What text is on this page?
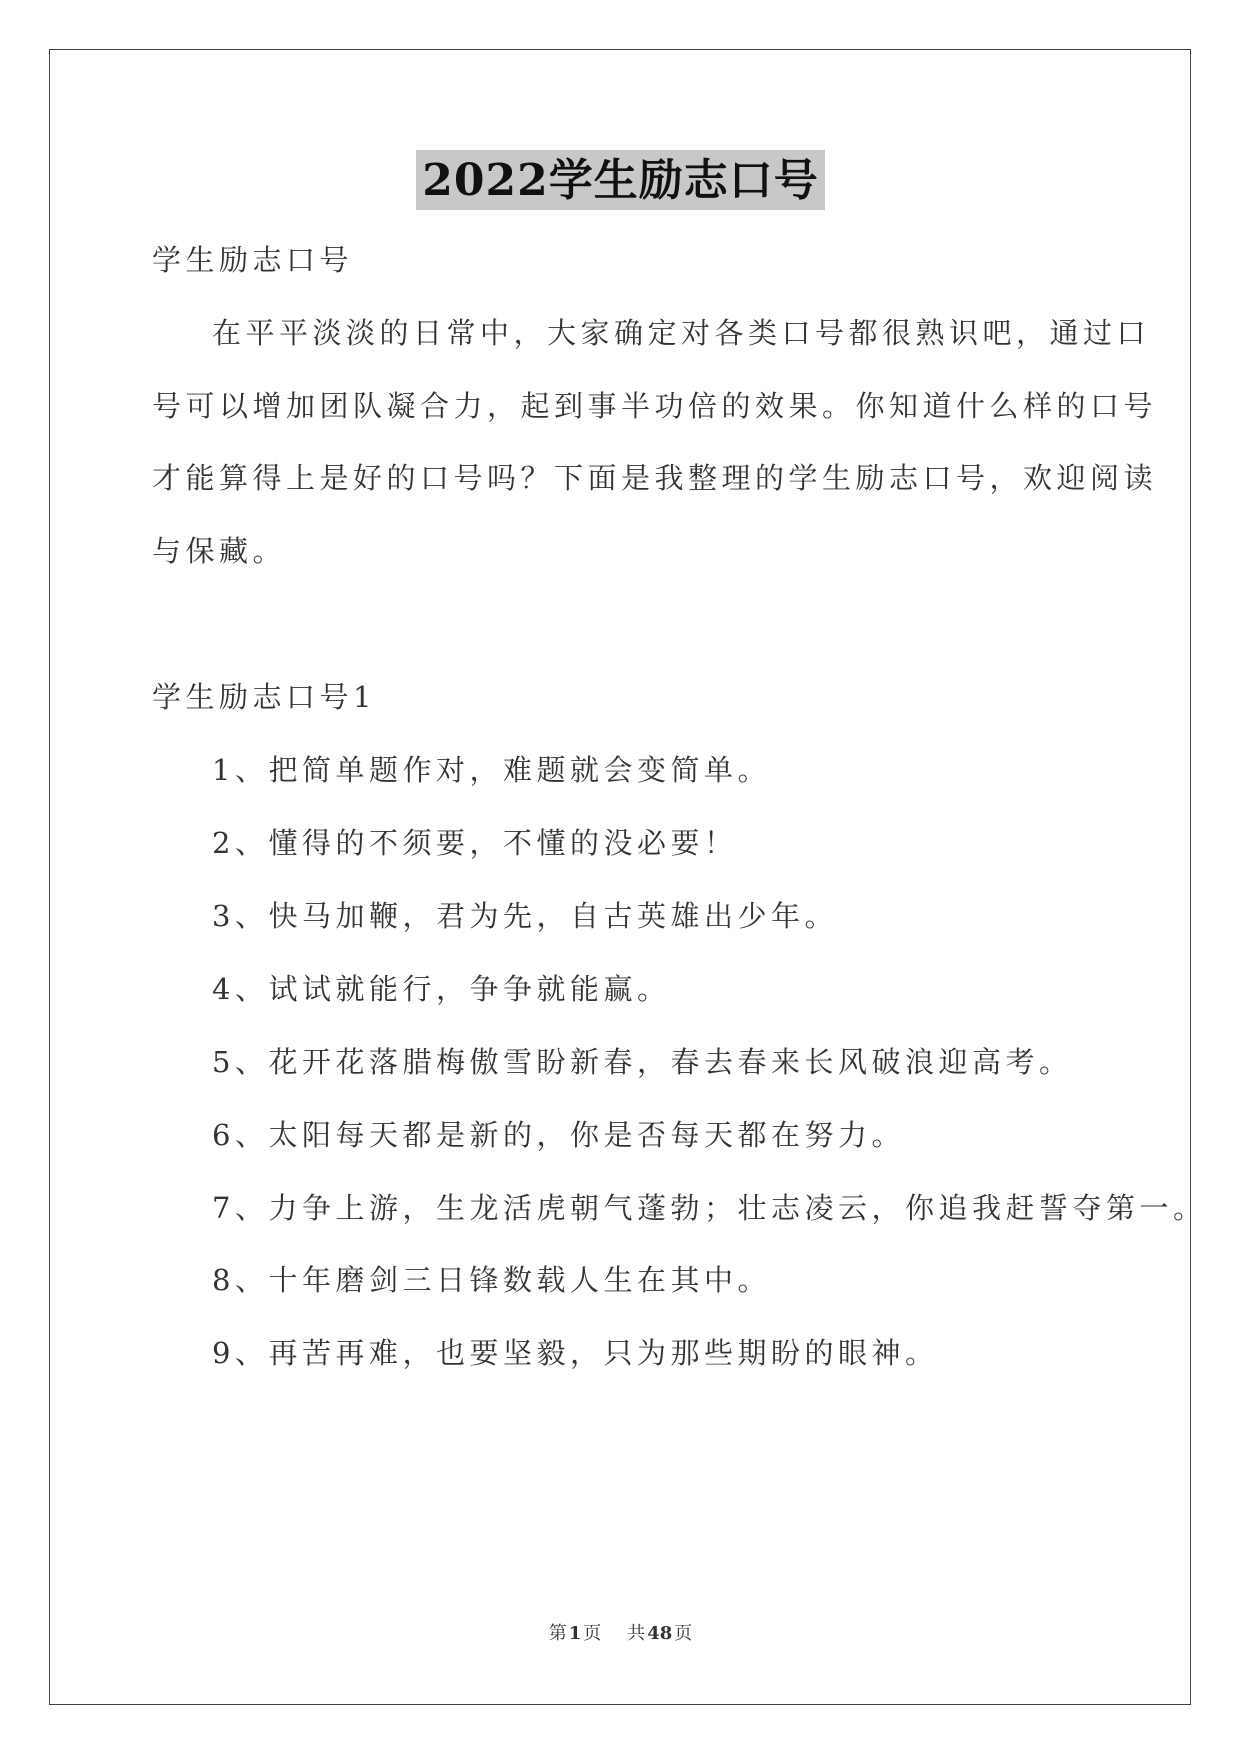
2022学生励志口号
学生励志口号
在平平淡淡的日常中，大家确定对各类口号都很熟识吧，通过口
号可以增加团队凝合力，起到事半功倍的效果。你知道什么样的口号
才能算得上是好的口号吗？下面是我整理的学生励志口号，欢迎阅读
与保藏。
学生励志口号1
1、把简单题作对，难题就会变简单。
2、懂得的不须要，不懂的没必要！
3、快马加鞭，君为先，自古英雄出少年。
4、试试就能行，争争就能赢。
5、花开花落腊梅傲雪盼新春，春去春来长风破浪迎高考。
6、太阳每天都是新的，你是否每天都在努力。
7、力争上游，生龙活虎朝气蓬勃；壮志凌云，你追我赶誓夺第一。
8、十年磨剑三日锋数载人生在其中。
9、再苦再难，也要坚毅，只为那些期盼的眼神。
第 1 页 共 48 页
